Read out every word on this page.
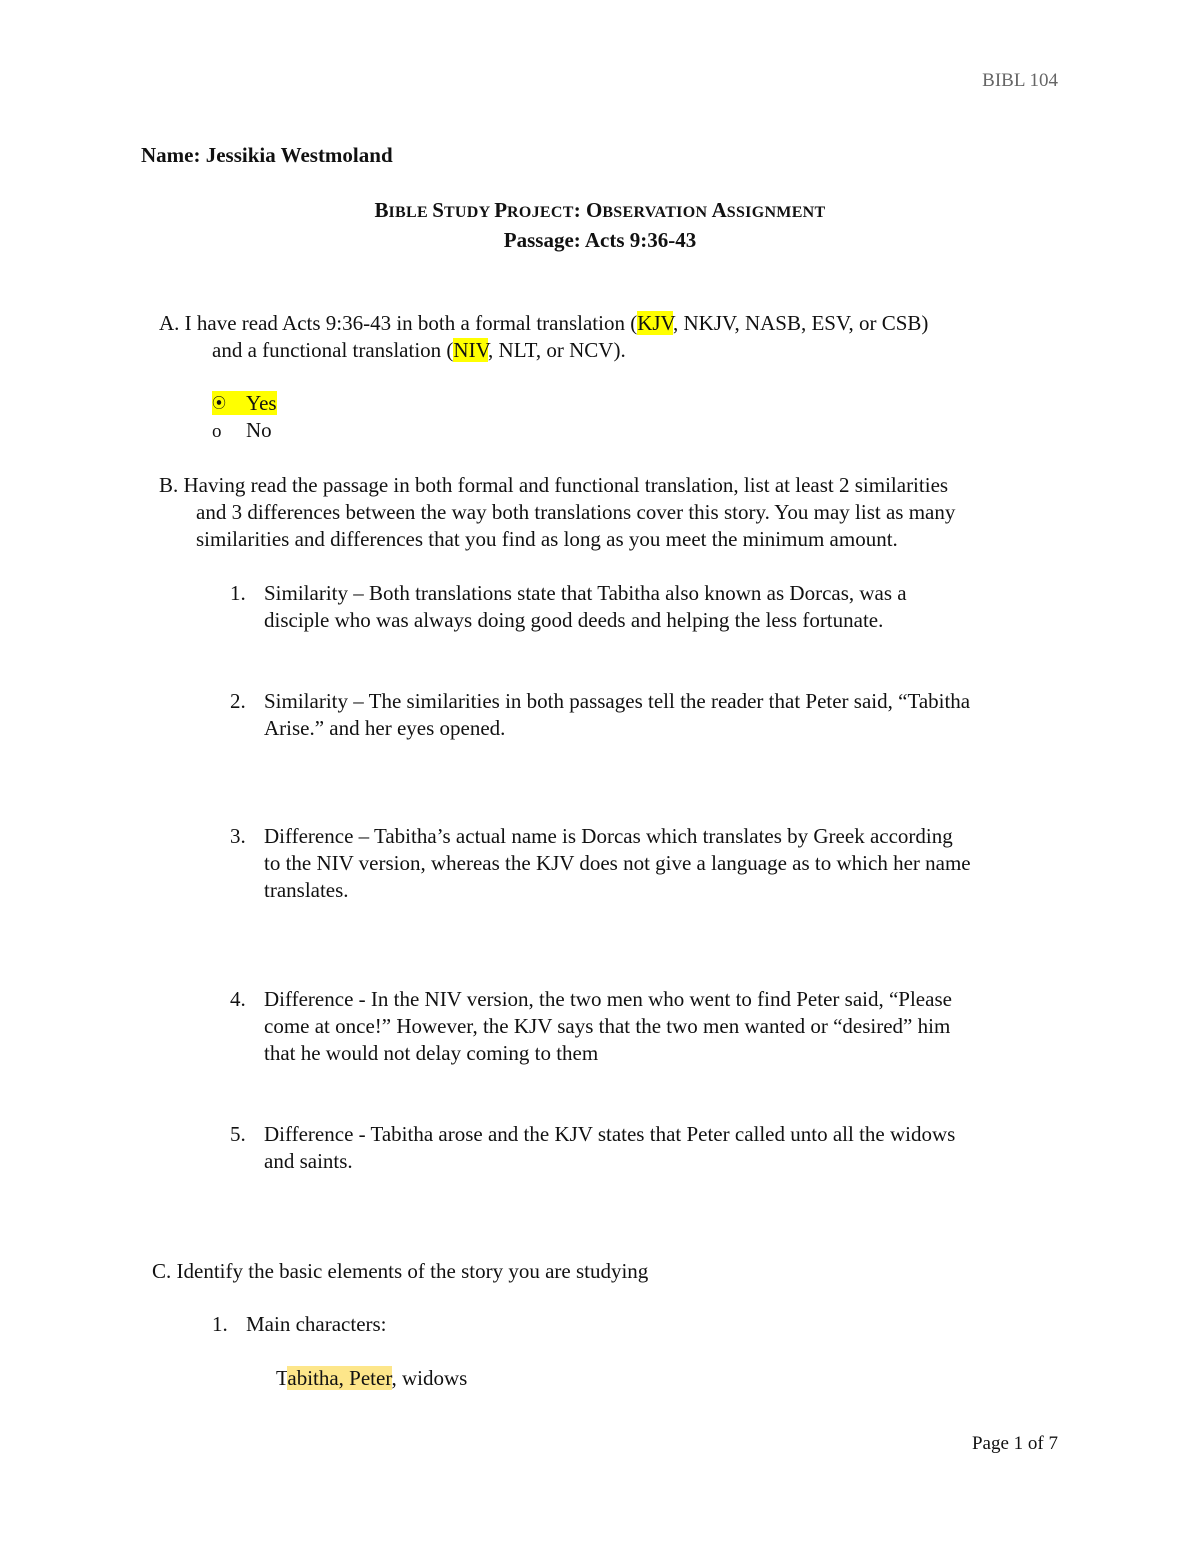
BIBL 104
Name: Jessikia Westmoland
BIBLE STUDY PROJECT: OBSERVATION ASSIGNMENT
Passage: Acts 9:36-43
A. I have read Acts 9:36-43 in both a formal translation (KJV, NKJV, NASB, ESV, or CSB)
and a functional translation (NIV, NLT, or NCV).
⦿ Yes
o No
B. Having read the passage in both formal and functional translation, list at least 2 similarities
and 3 differences between the way both translations cover this story. You may list as many
similarities and differences that you find as long as you meet the minimum amount.
1. Similarity – Both translations state that Tabitha also known as Dorcas, was a
disciple who was always doing good deeds and helping the less fortunate.
2. Similarity – The similarities in both passages tell the reader that Peter said, “Tabitha
Arise.” and her eyes opened.
3. Difference – Tabitha’s actual name is Dorcas which translates by Greek according
to the NIV version, whereas the KJV does not give a language as to which her name
translates.
4. Difference - In the NIV version, the two men who went to find Peter said, “Please
come at once!” However, the KJV says that the two men wanted or “desired” him
that he would not delay coming to them
5. Difference - Tabitha arose and the KJV states that Peter called unto all the widows
and saints.
C. Identify the basic elements of the story you are studying
1. Main characters:
Tabitha, Peter, widows
Page 1 of 7
